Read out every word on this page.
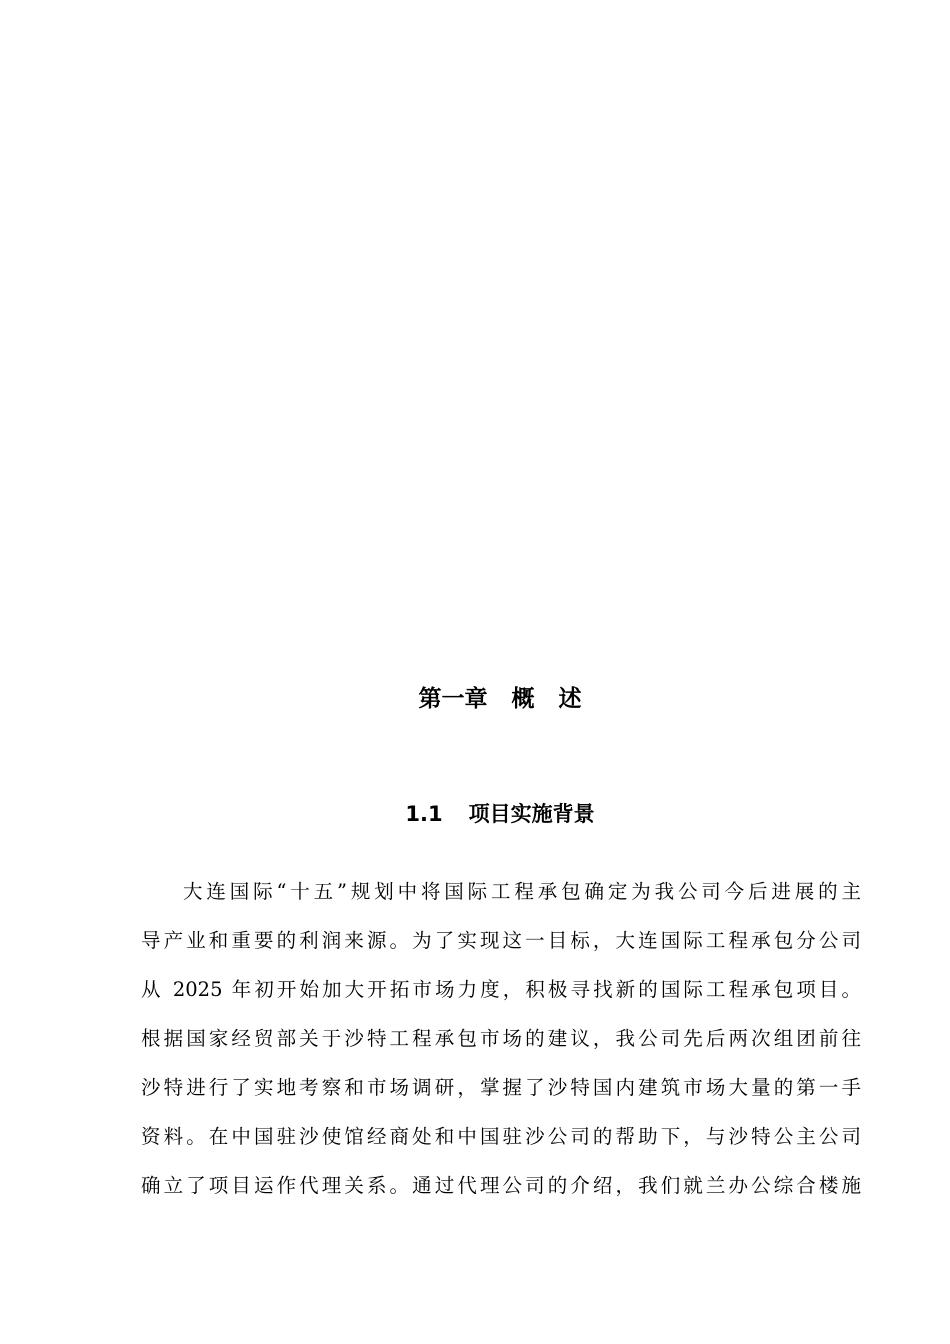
第一章   概   述
1.1 项目实施背景
大连国际“十五”规划中将国际工程承包确定为我公司今后进展的主
导产业和重要的利润来源。为了实现这一目标，大连国际工程承包分公司
从 2025 年初开始加大开拓市场力度，积极寻找新的国际工程承包项目。
根据国家经贸部关于沙特工程承包市场的建议，我公司先后两次组团前往
沙特进行了实地考察和市场调研，掌握了沙特国内建筑市场大量的第一手
资料。在中国驻沙使馆经商处和中国驻沙公司的帮助下，与沙特公主公司
确立了项目运作代理关系。通过代理公司的介绍，我们就兰办公综合楼施
